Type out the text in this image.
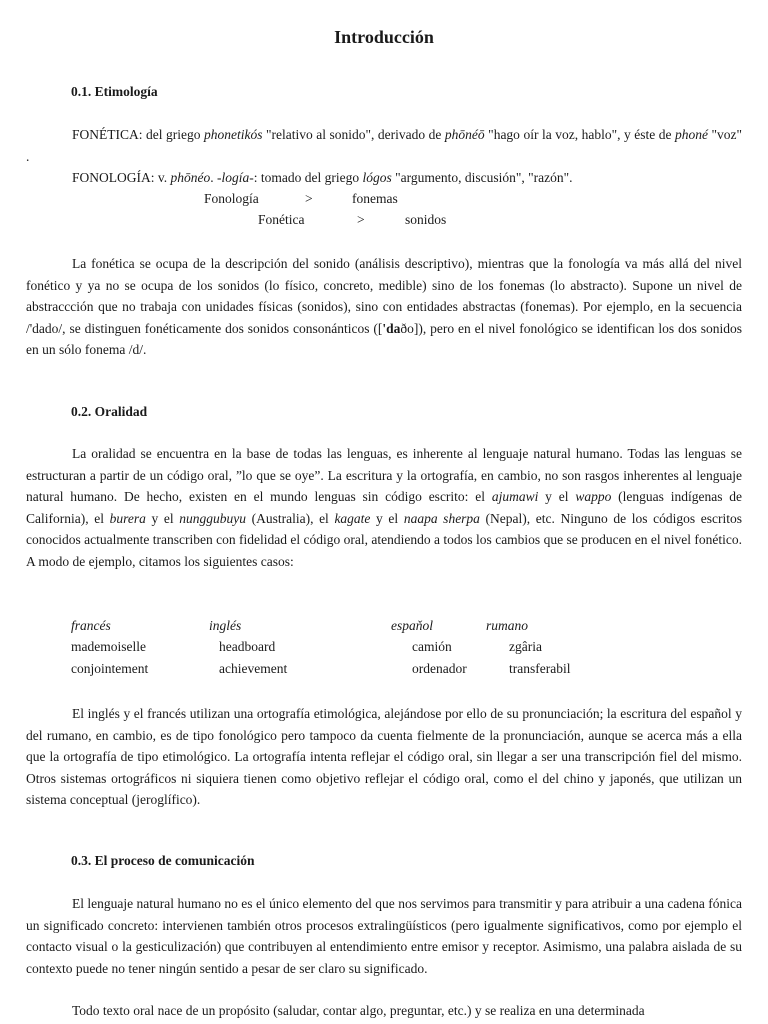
Introducción
0.1. Etimología

FONÉTICA: del griego phonetikós "relativo al sonido", derivado de phōnéō "hago oír la voz, hablo", y éste de phoné "voz" .

FONOLOGÍA: v. phōnéo. -logía-: tomado del griego lógos "argumento, discusión", "razón".
Fonología	>	fonemas
Fonética	>	sonidos

La fonética se ocupa de la descripción del sonido (análisis descriptivo), mientras que la fonología va más allá del nivel fonético y ya no se ocupa de los sonidos (lo físico, concreto, medible) sino de los fonemas (lo abstracto). Supone un nivel de abstraccción que no trabaja con unidades físicas (sonidos), sino con entidades abstractas (fonemas). Por ejemplo, en la secuencia /'dado/, se distinguen fonéticamente dos sonidos consonánticos (['daðo]), pero en el nivel fonológico se identifican los dos sonidos en un sólo fonema /d/.

0.2. Oralidad

La oralidad se encuentra en la base de todas las lenguas, es inherente al lenguaje natural humano. Todas las lenguas se estructuran a partir de un código oral, ”lo que se oye”. La escritura y la ortografía, en cambio, no son rasgos inherentes al lenguaje natural humano. De hecho, existen en el mundo lenguas sin código escrito: el ajumawi y el wappo (lenguas indígenas de California), el burera y el nunggubuyu (Australia), el kagate y el naapa sherpa (Nepal), etc. Ninguno de los códigos escritos conocidos actualmente transcriben con fidelidad el código oral, atendiendo a todos los cambios que se producen en el nivel fonético. A modo de ejemplo, citamos los siguientes casos:

francés	inglés	espaňol	rumano
mademoiselle	headboard	camión	zgâria
conjointement	achievement	ordenador	transferabil

El inglés y el francés utilizan una ortografía etimológica, alejándose por ello de su pronunciación; la escritura del español y del rumano, en cambio, es de tipo fonológico pero tampoco da cuenta fielmente de la pronunciación, aunque se acerca más a ella que la ortografía de tipo etimológico. La ortografía intenta reflejar el código oral, sin llegar a ser una transcripción fiel del mismo. Otros sistemas ortográficos ni siquiera tienen como objetivo reflejar el código oral, como el del chino y japonés, que utilizan un sistema conceptual (jeroglífico).

0.3. El proceso de comunicación

El lenguaje natural humano no es el único elemento del que nos servimos para transmitir y para atribuir a una cadena fónica un significado concreto: intervienen también otros procesos extralingüísticos (pero igualmente significativos, como por ejemplo el contacto visual o la gesticulización) que contribuyen al entendimiento entre emisor y receptor. Asimismo, una palabra aislada de su contexto puede no tener ningún sentido a pesar de ser claro su significado.

Todo texto oral nace de un propósito (saludar, contar algo, preguntar, etc.) y se realiza en una determinada
